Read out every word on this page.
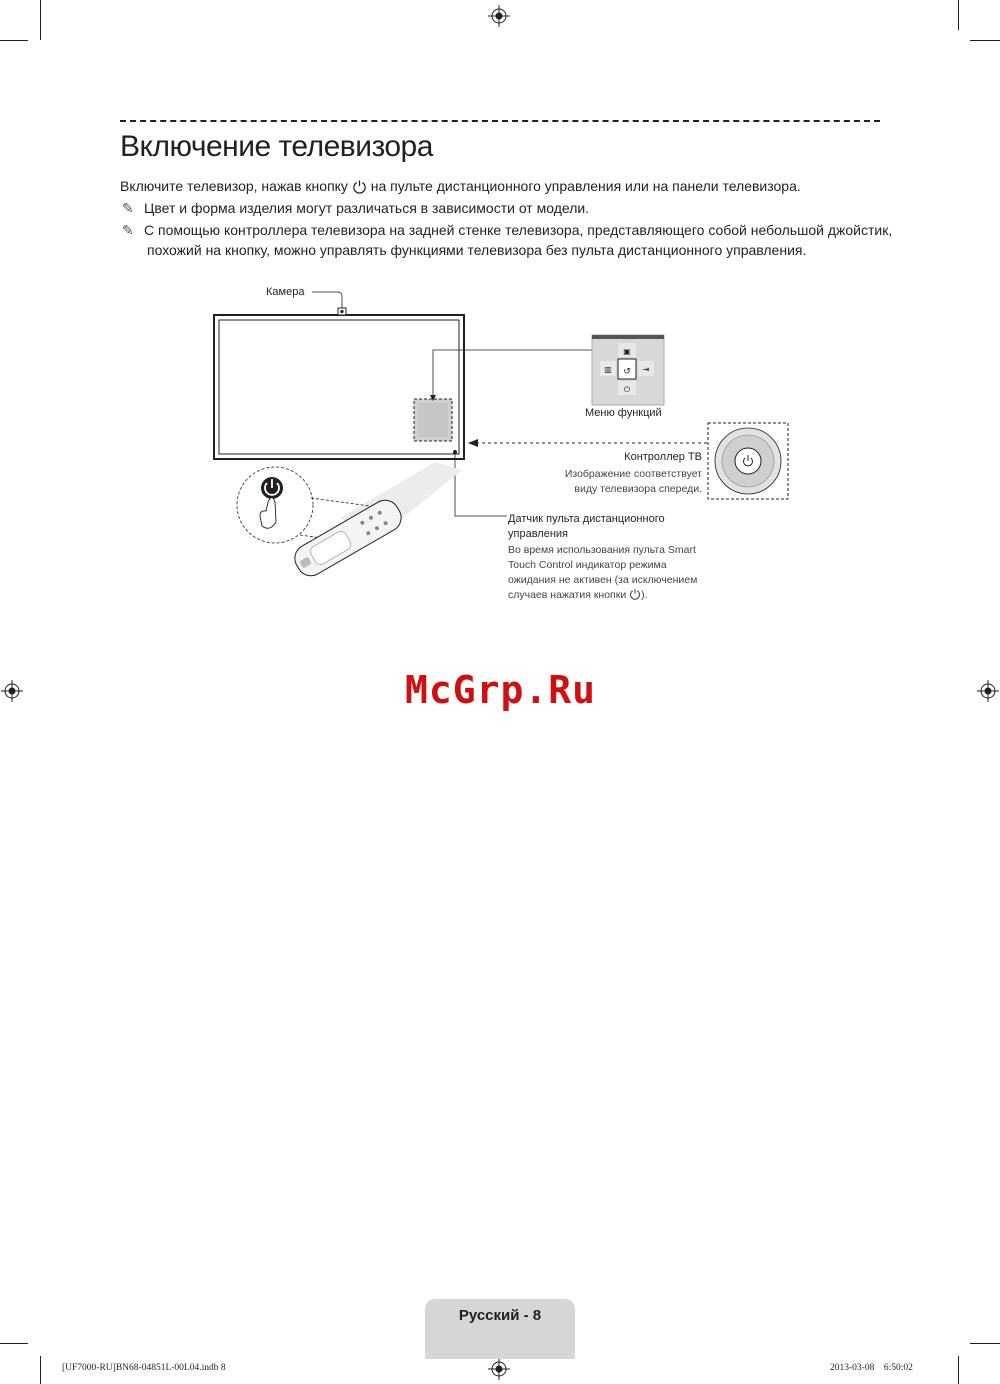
Включение телевизора
Включите телевизор, нажав кнопку на пульте дистанционного управления или на панели телевизора.
✎ Цвет и форма изделия могут различаться в зависимости от модели.
✎ С помощью контроллера телевизора на задней стенке телевизора, представляющего собой небольшой джойстик,
похожий на кнопку, можно управлять функциями телевизора без пульта дистанционного управления.
↺
▣
▥	⇥
⏻
Камера
Меню функций
Контроллер ТВ
Изображение соответствует
виду телевизора спереди.
Датчик пульта дистанционного
управления
Во время использования пульта Smart
Touch Control индикатор режима
ожидания не активен (за исключением
случаев нажатия кнопки ).
McGrp.Ru
Русский - 8
[UF7000-RU]BN68-04851L-00L04.indb 8	2013-03-08    6:50:02
